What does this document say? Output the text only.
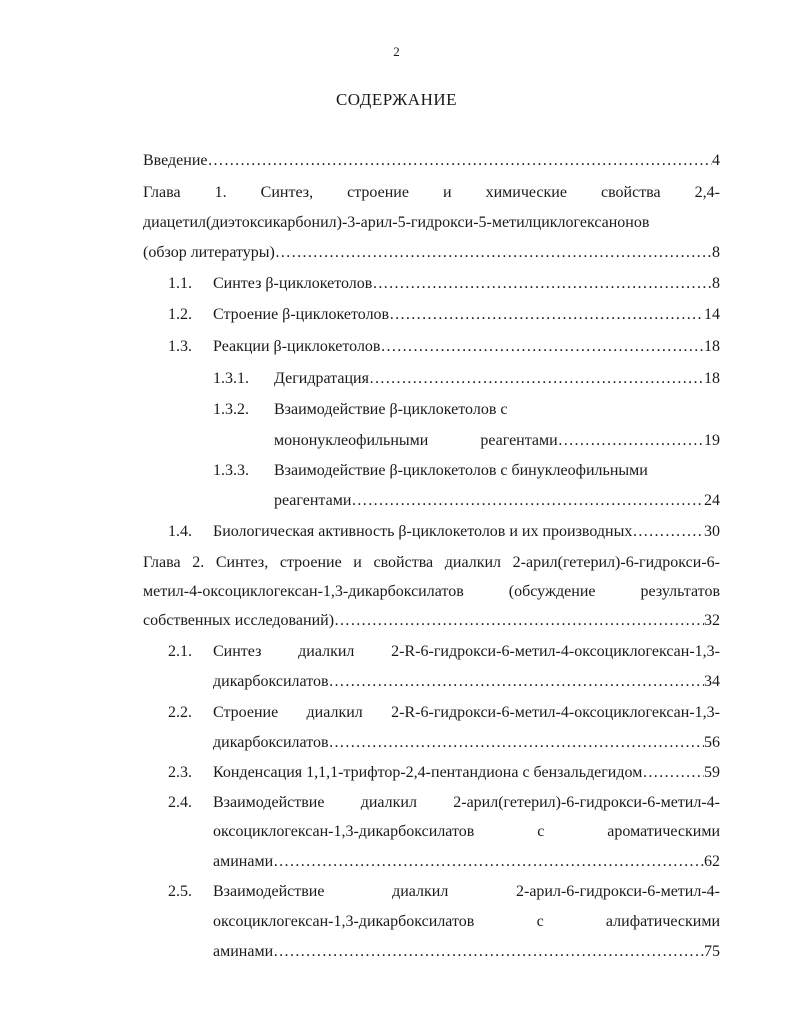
2
СОДЕРЖАНИЕ
Введение ………………………………………………………………………………………………………………………………………………………………………………	4
Глава 1. Синтез, строение и химические свойства 2,4-
диацетил(диэтоксикарбонил)-3-арил-5-гидрокси-5-метилциклогексанонов
(обзор литературы) ………………………………………………………………………………………………………………………………………………………………………………	8
1.1. Синтез β-циклокетолов ………………………………………………………………………………………………………………………………………………………………………………	8
1.2. Строение β-циклокетолов ………………………………………………………………………………………………………………………………………………………………………………	14
1.3. Реакции β-циклокетолов ………………………………………………………………………………………………………………………………………………………………………………	18
1.3.1. Дегидратация ………………………………………………………………………………………………………………………………………………………………………………	18
1.3.2. Взаимодействие β-циклокетолов с
мононуклеофильными реагентами ………………………………………………………………………………………………………………………………………………………………………………	19
1.3.3. Взаимодействие β-циклокетолов с бинуклеофильными
реагентами ………………………………………………………………………………………………………………………………………………………………………………	24
1.4. Биологическая активность β-циклокетолов и их производных ………………………………………………………………………………………………………………………………………………………………………………	30
Глава 2. Синтез, строение и свойства диалкил 2-арил(гетерил)-6-гидрокси-6-
метил-4-оксоциклогексан-1,3-дикарбоксилатов (обсуждение результатов
собственных исследований) ………………………………………………………………………………………………………………………………………………………………………………	32
2.1. Синтез диалкил 2-R-6-гидрокси-6-метил-4-оксоциклогексан-1,3-
дикарбоксилатов ………………………………………………………………………………………………………………………………………………………………………………	34
2.2. Строение диалкил 2-R-6-гидрокси-6-метил-4-оксоциклогексан-1,3-
дикарбоксилатов ………………………………………………………………………………………………………………………………………………………………………………	56
2.3. Конденсация 1,1,1-трифтор-2,4-пентандиона с бензальдегидом ………………………………………………………………………………………………………………………………………………………………………………	59
2.4. Взаимодействие диалкил 2-арил(гетерил)-6-гидрокси-6-метил-4-
оксоциклогексан-1,3-дикарбоксилатов с ароматическими
аминами ………………………………………………………………………………………………………………………………………………………………………………	62
2.5. Взаимодействие диалкил 2-арил-6-гидрокси-6-метил-4-
оксоциклогексан-1,3-дикарбоксилатов с алифатическими
аминами ………………………………………………………………………………………………………………………………………………………………………………	75
